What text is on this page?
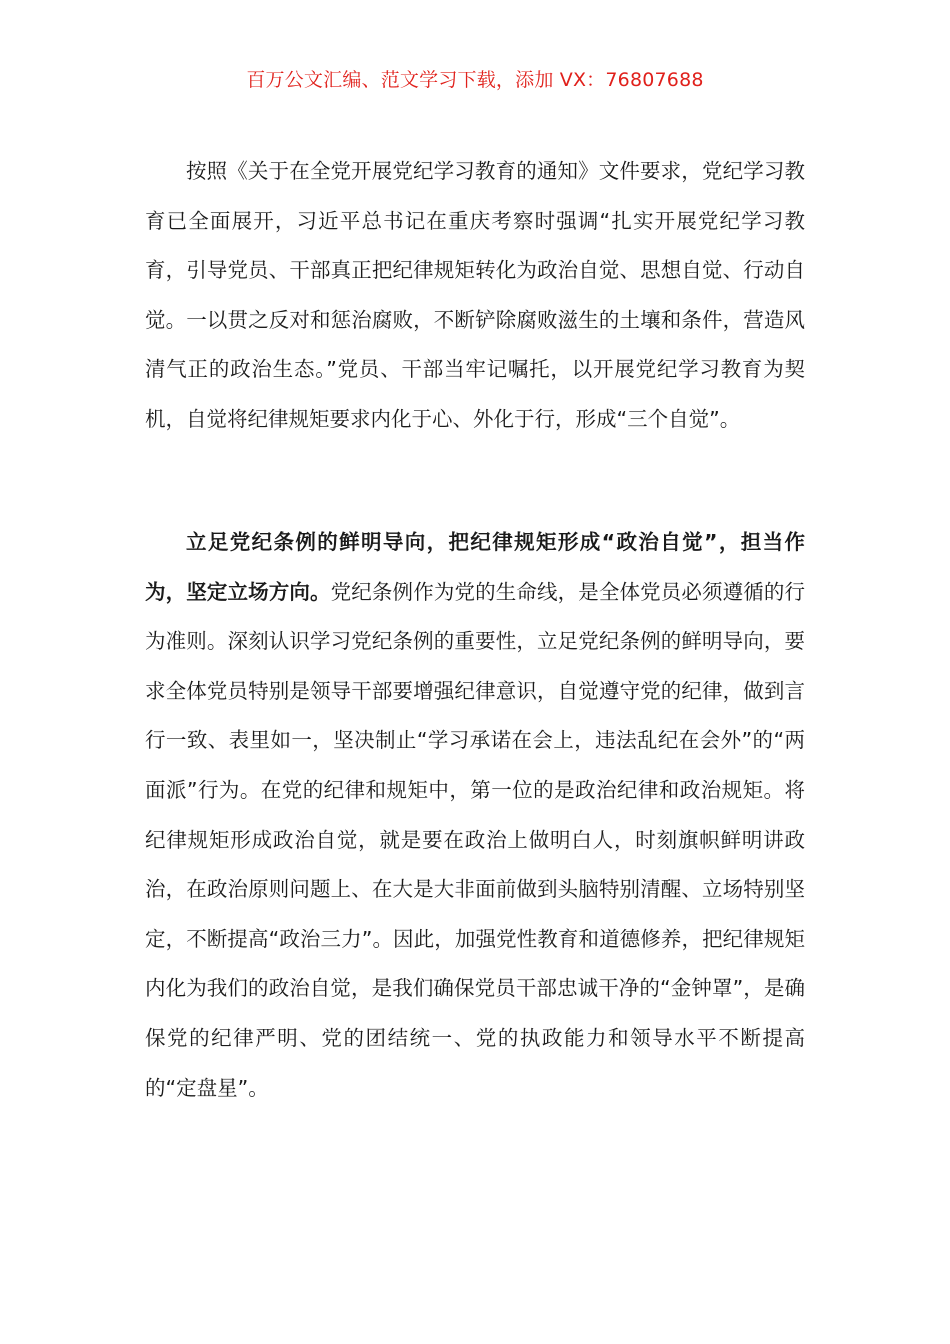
百万公文汇编、范文学习下载，添加 VX：76807688

按照《关于在全党开展党纪学习教育的通知》文件要求，党纪学习教育已全面展开，习近平总书记在重庆考察时强调“扎实开展党纪学习教育，引导党员、干部真正把纪律规矩转化为政治自觉、思想自觉、行动自觉。一以贯之反对和惩治腐败，不断铲除腐败滋生的土壤和条件，营造风清气正的政治生态。”党员、干部当牢记嘱托，以开展党纪学习教育为契机，自觉将纪律规矩要求内化于心、外化于行，形成“三个自觉”。

立足党纪条例的鲜明导向，把纪律规矩形成“政治自觉”，担当作为，坚定立场方向。党纪条例作为党的生命线，是全体党员必须遵循的行为准则。深刻认识学习党纪条例的重要性，立足党纪条例的鲜明导向，要求全体党员特别是领导干部要增强纪律意识，自觉遵守党的纪律，做到言行一致、表里如一，坚决制止“学习承诺在会上，违法乱纪在会外”的“两面派”行为。在党的纪律和规矩中，第一位的是政治纪律和政治规矩。将纪律规矩形成政治自觉，就是要在政治上做明白人，时刻旗帜鲜明讲政治，在政治原则问题上、在大是大非面前做到头脑特别清醒、立场特别坚定，不断提高“政治三力”。因此，加强党性教育和道德修养，把纪律规矩内化为我们的政治自觉，是我们确保党员干部忠诚干净的“金钟罩”，是确保党的纪律严明、党的团结统一、党的执政能力和领导水平不断提高的“定盘星”。
